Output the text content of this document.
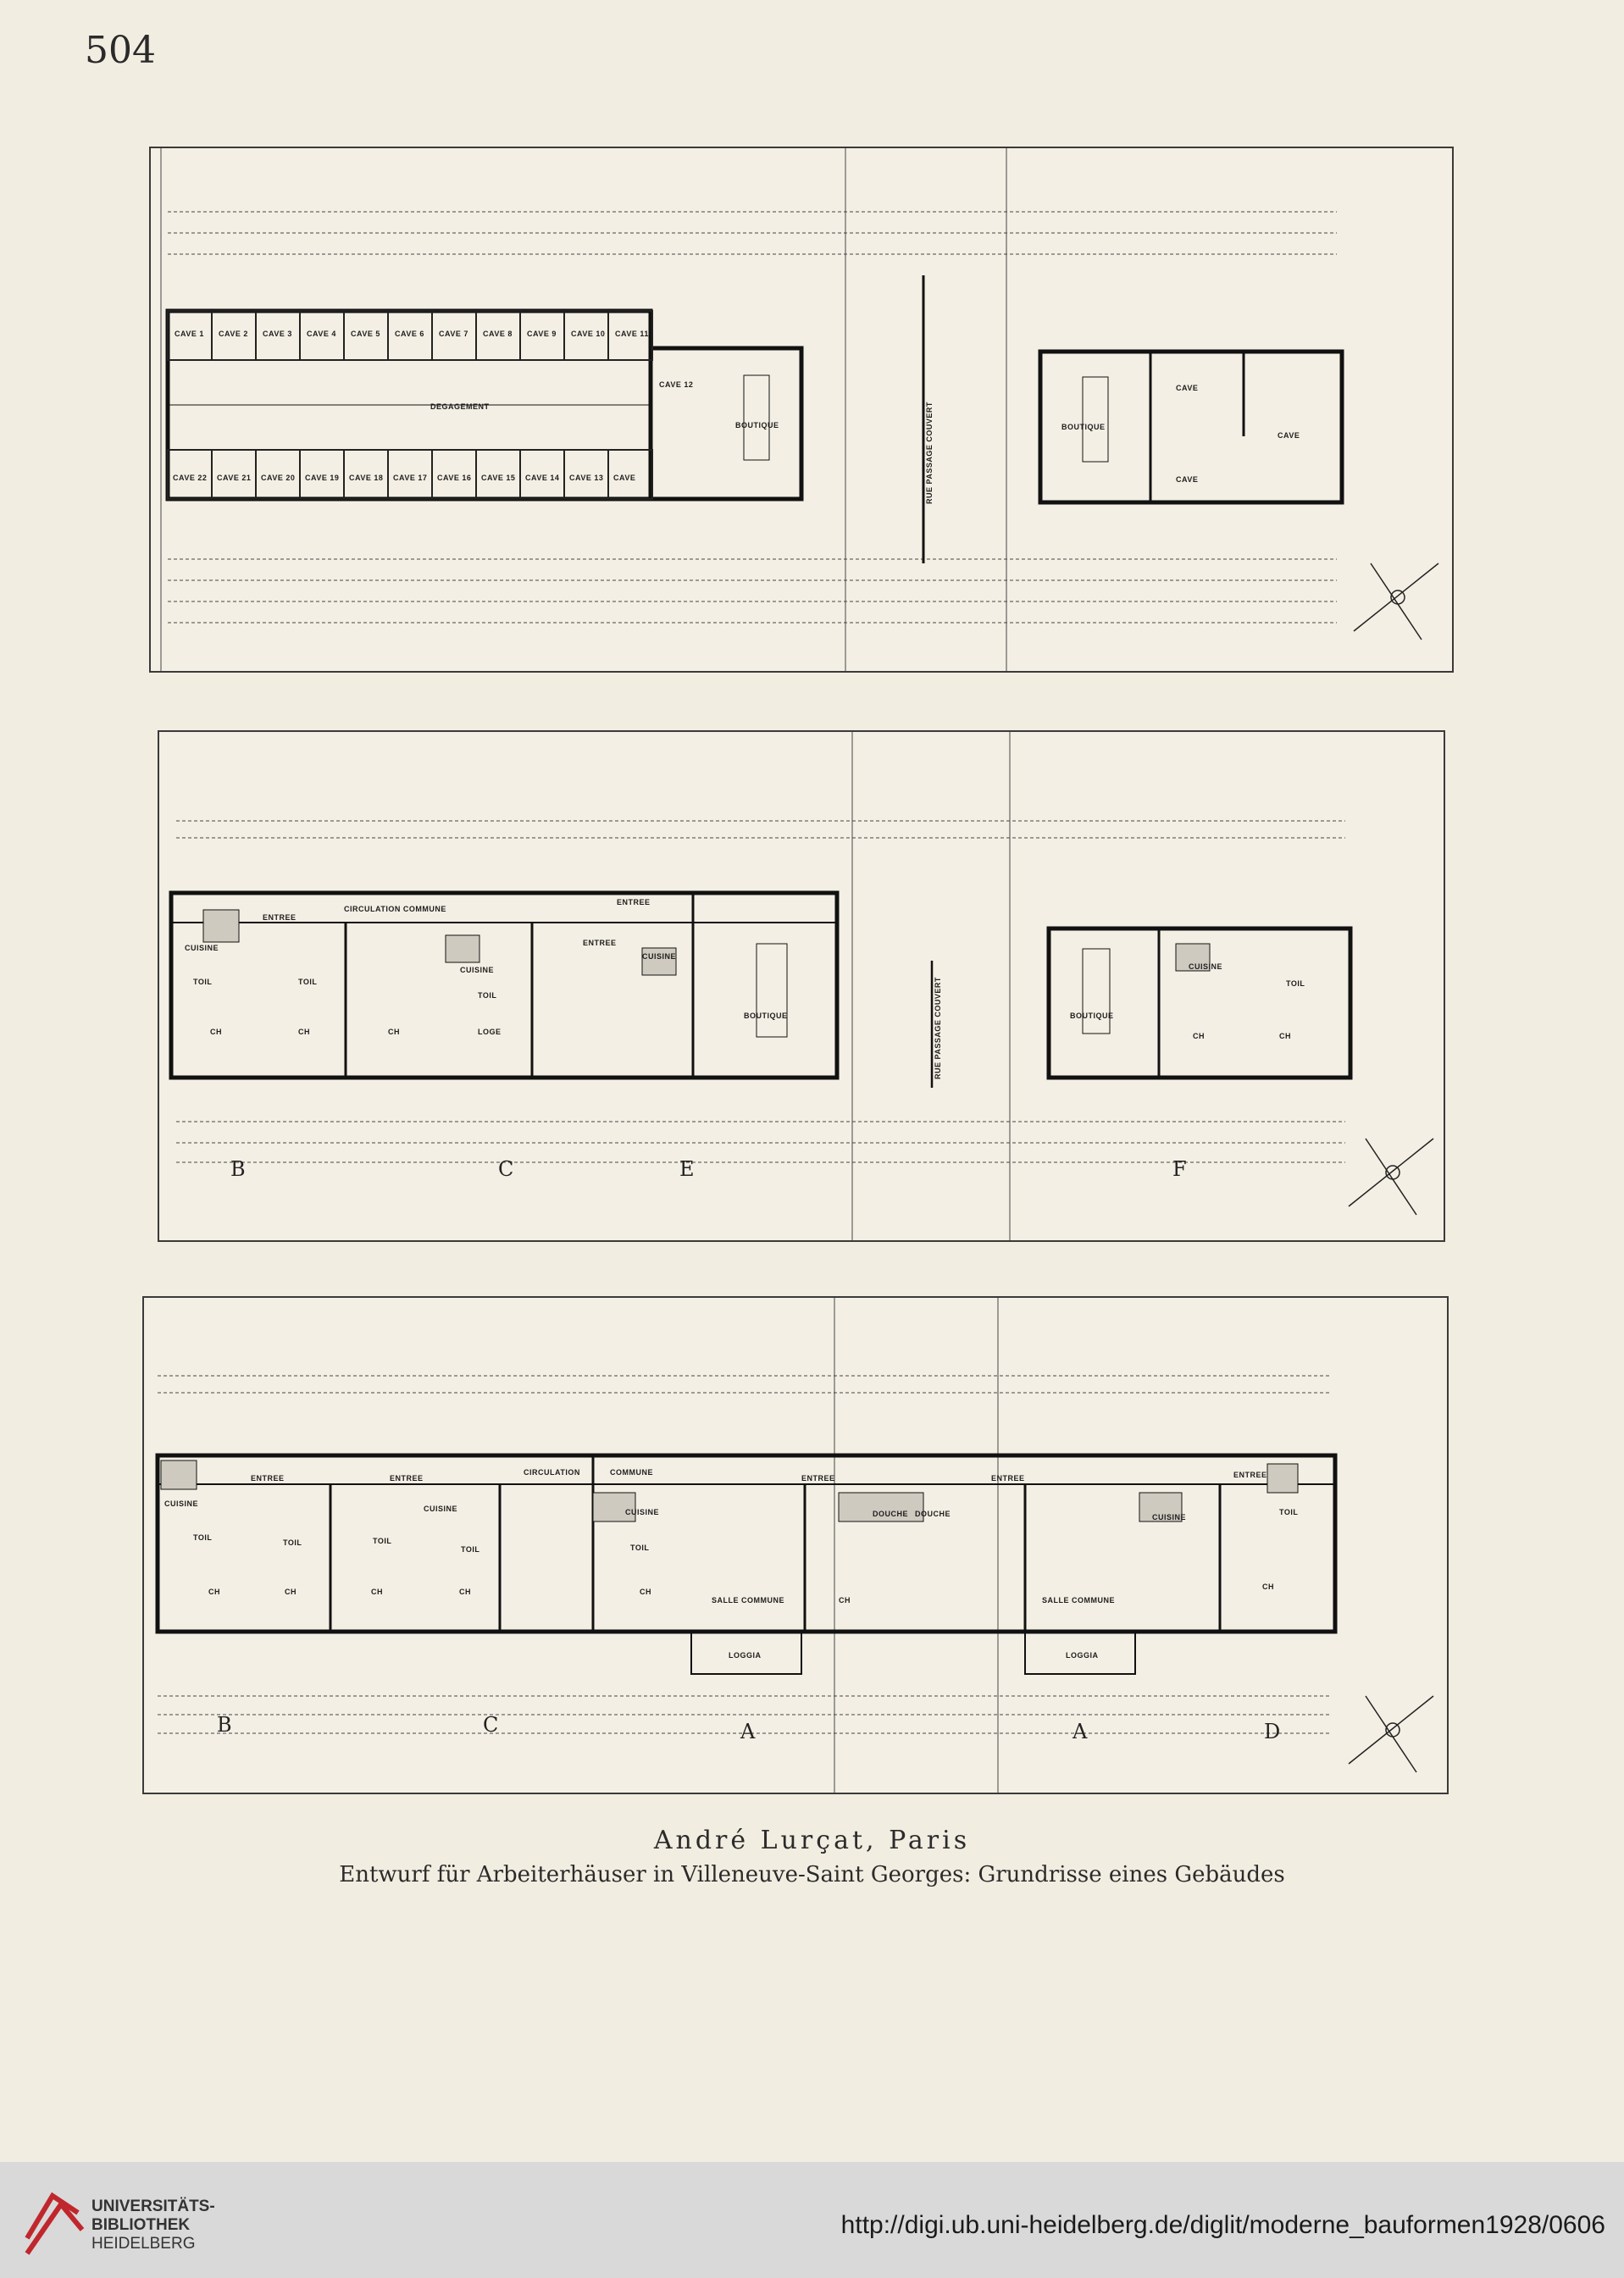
504
CAVE 1 CAVE 2 CAVE 3 CAVE 4 CAVE 5 CAVE 6 CAVE 7 CAVE 8 CAVE 9 CAVE 10 CAVE 11
CAVE 22 CAVE 21 CAVE 20 CAVE 19 CAVE 18 CAVE 17 CAVE 16 CAVE 15 CAVE 14 CAVE 13 CAVE
CAVE 12
DEGAGEMENT
BOUTIQUE	RUE PASSAGE COUVERT	BOUTIQUE
CAVE
CAVE
CAVE
CIRCULATION COMMUNE
ENTREE
ENTREE
ENTREE
CUISINE
CUISINE
CUISINE
CUISINE
TOIL	TOIL
TOIL
TOIL
CH	CH	CH	CH	CH
LOGE
BOUTIQUE	BOUTIQUE
RUE PASSAGE COUVERT
B	C	E	F
CIRCULATION	COMMUNE
ENTREE	ENTREE	ENTREE	ENTREE	ENTREE
CUISINE
CUISINE	CUISINE
CUISINE
TOIL
TOIL	TOIL
TOIL	TOIL
TOIL
DOUCHE DOUCHE
SALLE COMMUNE	SALLE COMMUNE
LOGGIA	LOGGIA
CH	CH	CH	CH	CH
CH
CH
B	C	A	A	D
André Lurçat, Paris
Entwurf für Arbeiterhäuser in Villeneuve-Saint Georges: Grundrisse eines Gebäudes
UNIVERSITÄTS-
BIBLIOTHEK
HEIDELBERG
http://digi.ub.uni-heidelberg.de/diglit/moderne_bauformen1928/0606
